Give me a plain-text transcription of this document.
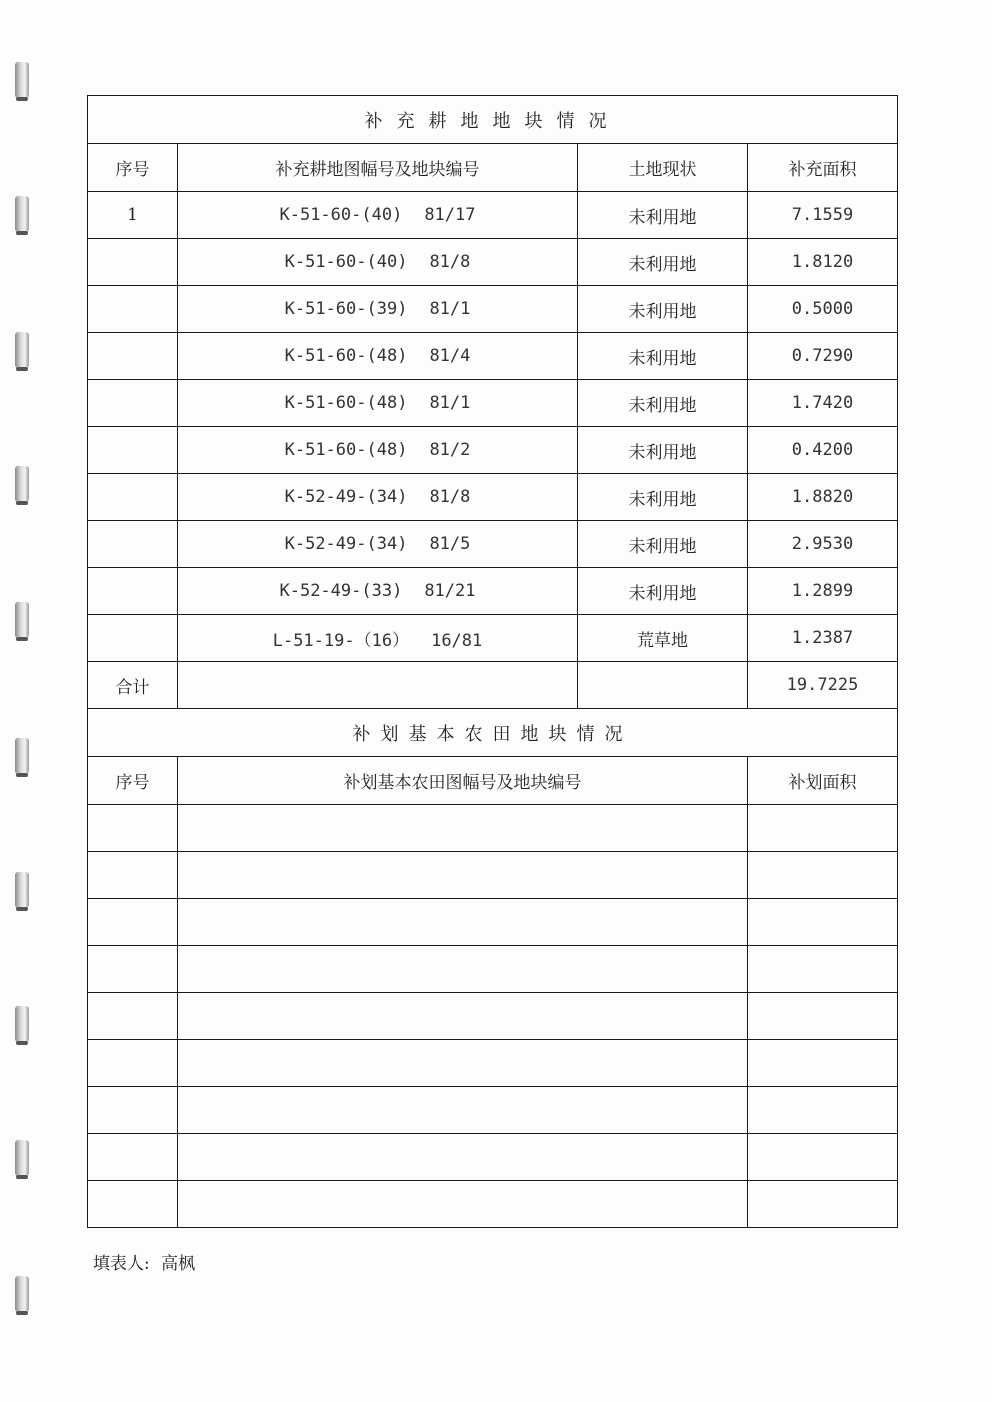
补充耕地地块情况			
序号	补充耕地图幅号及地块编号	土地现状	补充面积
1	K-51-60-(40) 81/17	未利用地	7.1559
	K-51-60-(40) 81/8	未利用地	1.8120
	K-51-60-(39) 81/1	未利用地	0.5000
	K-51-60-(48) 81/4	未利用地	0.7290
	K-51-60-(48) 81/1	未利用地	1.7420
	K-51-60-(48) 81/2	未利用地	0.4200
	K-52-49-(34) 81/8	未利用地	1.8820
	K-52-49-(34) 81/5	未利用地	2.9530
	K-52-49-(33) 81/21	未利用地	1.2899
	L-51-19-（16） 16/81	荒草地	1.2387
合计			19.7225
补划基本农田地块情况			
序号	补划基本农田图幅号及地块编号		补划面积

填表人: 高枫
